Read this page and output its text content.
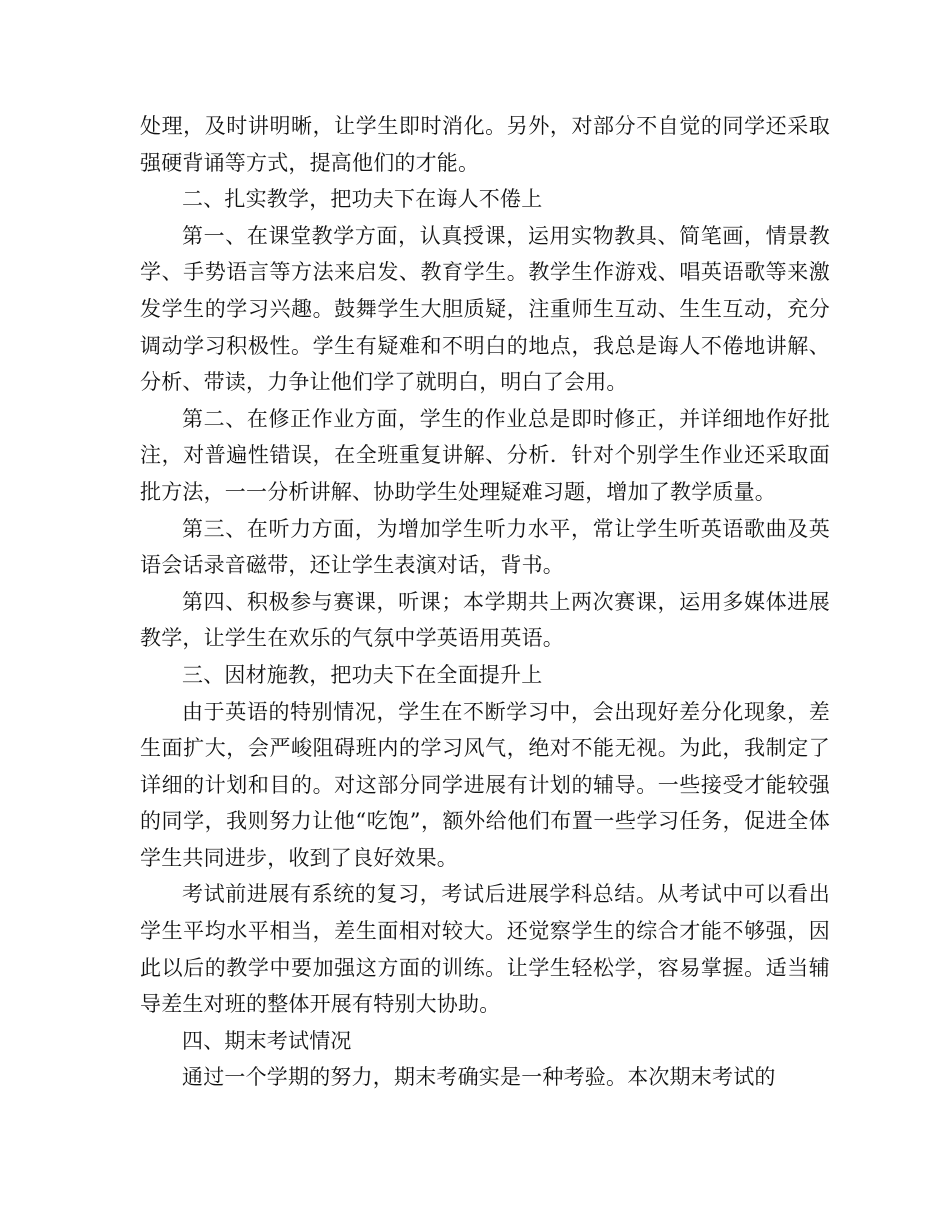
处理，及时讲明晰，让学生即时消化。另外，对部分不自觉的同学还采取强硬背诵等方式，提高他们的才能。

二、扎实教学，把功夫下在诲人不倦上

第一、在课堂教学方面，认真授课，运用实物教具、简笔画，情景教学、手势语言等方法来启发、教育学生。教学生作游戏、唱英语歌等来激发学生的学习兴趣。鼓舞学生大胆质疑，注重师生互动、生生互动，充分调动学习积极性。学生有疑难和不明白的地点，我总是诲人不倦地讲解、分析、带读，力争让他们学了就明白，明白了会用。

第二、在修正作业方面，学生的作业总是即时修正，并详细地作好批注，对普遍性错误，在全班重复讲解、分析．针对个别学生作业还采取面批方法，一一分析讲解、协助学生处理疑难习题，增加了教学质量。

第三、在听力方面，为增加学生听力水平，常让学生听英语歌曲及英语会话录音磁带，还让学生表演对话，背书。

第四、积极参与赛课，听课；本学期共上两次赛课，运用多媒体进展教学，让学生在欢乐的气氛中学英语用英语。

三、因材施教，把功夫下在全面提升上

由于英语的特别情况，学生在不断学习中，会出现好差分化现象，差生面扩大，会严峻阻碍班内的学习风气，绝对不能无视。为此，我制定了详细的计划和目的。对这部分同学进展有计划的辅导。一些接受才能较强的同学，我则努力让他“吃饱”，额外给他们布置一些学习任务，促进全体学生共同进步，收到了良好效果。

考试前进展有系统的复习，考试后进展学科总结。从考试中可以看出学生平均水平相当，差生面相对较大。还觉察学生的综合才能不够强，因此以后的教学中要加强这方面的训练。让学生轻松学，容易掌握。适当辅导差生对班的整体开展有特别大协助。

四、期末考试情况

通过一个学期的努力，期末考确实是一种考验。本次期末考试的
